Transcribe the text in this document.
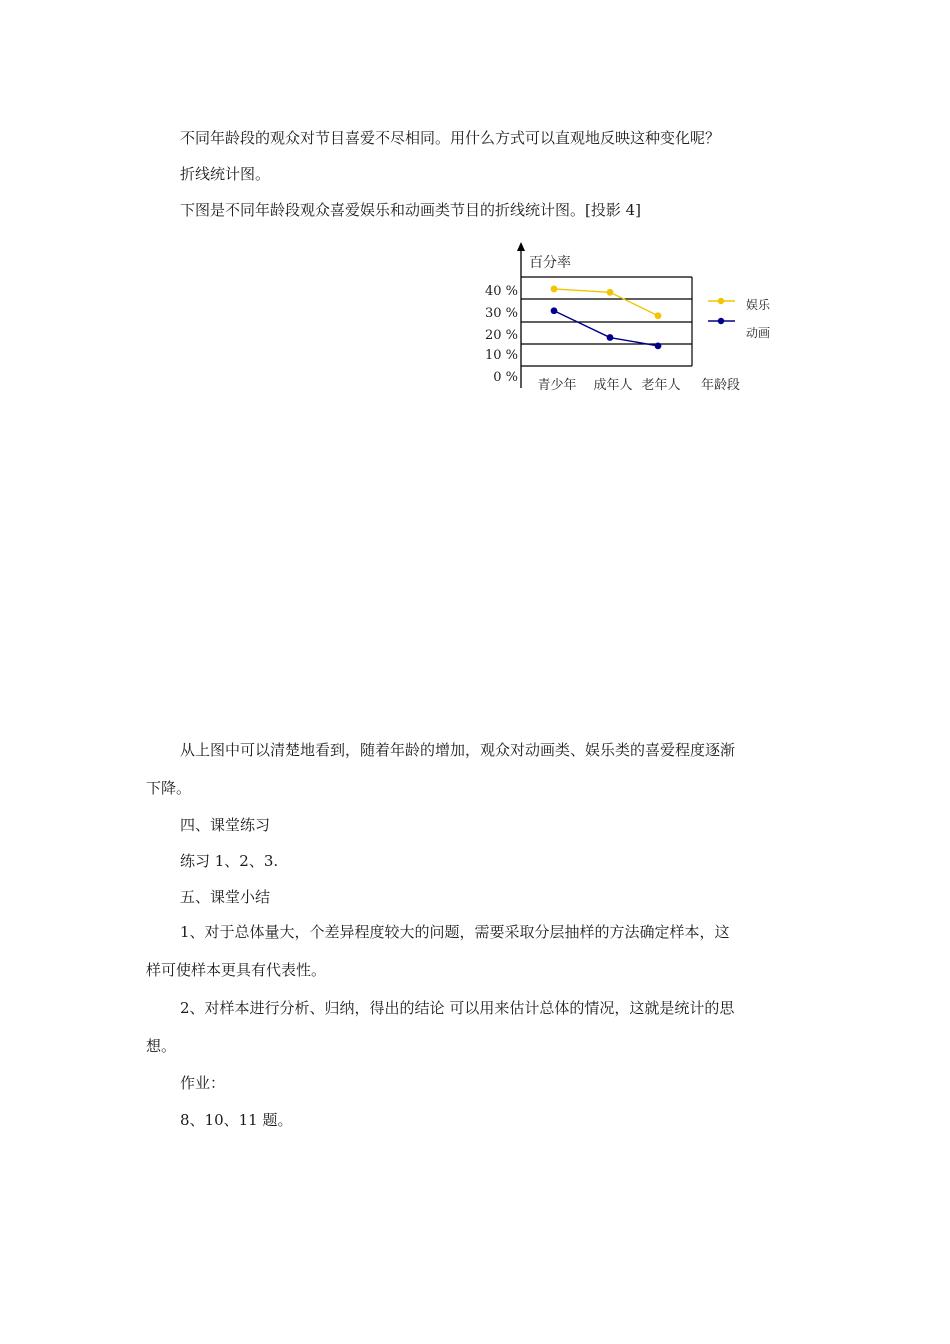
不同年龄段的观众对节目喜爱不尽相同。用什么方式可以直观地反映这种变化呢？

折线统计图。

下图是不同年龄段观众喜爱娱乐和动画类节目的折线统计图。[投影 4]

百分率
0 %
10 %
20 %
30 %
40 %
青少年 成年人 老年人 年龄段
娱乐
动画

从上图中可以清楚地看到，随着年龄的增加，观众对动画类、娱乐类的喜爱程度逐渐

下降。

四、课堂练习

练习 1、2、3.

五、课堂小结

1、对于总体量大，个差异程度较大的问题，需要采取分层抽样的方法确定样本，这

样可使样本更具有代表性。

2、对样本进行分析、归纳，得出的结论 可以用来估计总体的情况，这就是统计的思

想。

作业：

8、10、11 题。
